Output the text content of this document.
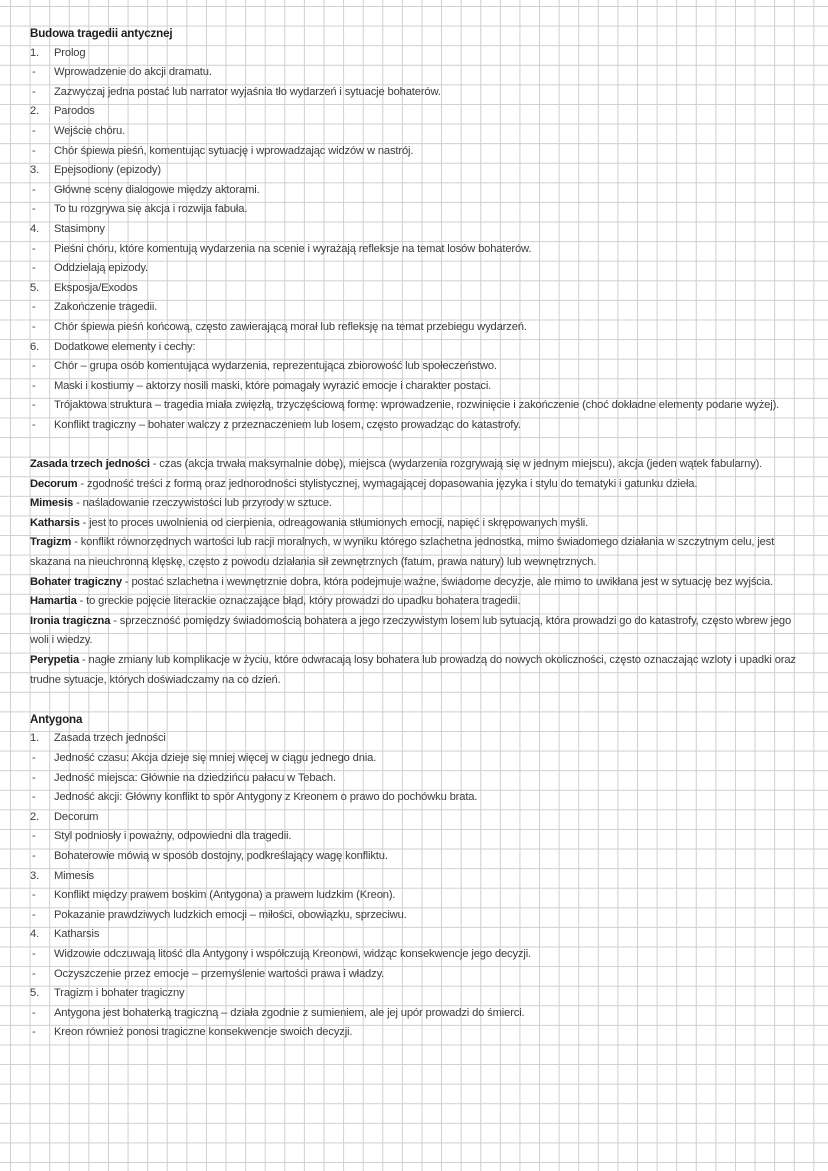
Budowa tragedii antycznej
1.	Prolog
-	Wprowadzenie do akcji dramatu.
-	Zazwyczaj jedna postać lub narrator wyjaśnia tło wydarzeń i sytuacje bohaterów.
2.	Parodos
-	Wejście chóru.
-	Chór śpiewa pieśń, komentując sytuację i wprowadzając widzów w nastrój.
3.	Epejsodiony (epizody)
-	Główne sceny dialogowe między aktorami.
-	To tu rozgrywa się akcja i rozwija fabuła.
4.	Stasimony
-	Pieśni chóru, które komentują wydarzenia na scenie i wyrażają refleksje na temat losów bohaterów.
-	Oddzielają epizody.
5.	Eksposja/Exodos
-	Zakończenie tragedii.
-	Chór śpiewa pieśń końcową, często zawierającą morał lub refleksję na temat przebiegu wydarzeń.
6.	Dodatkowe elementy i cechy:
-	Chór – grupa osób komentująca wydarzenia, reprezentująca zbiorowość lub społeczeństwo.
-	Maski i kostiumy – aktorzy nosili maski, które pomagały wyrazić emocje i charakter postaci.
-	Trójaktowa struktura – tragedia miała zwięzłą, trzyczęściową formę: wprowadzenie, rozwinięcie i zakończenie (choć dokładne elementy podane wyżej).
-	Konflikt tragiczny – bohater walczy z przeznaczeniem lub losem, często prowadząc do katastrofy.
Zasada trzech jedności - czas (akcja trwała maksymalnie dobę), miejsca (wydarzenia rozgrywają się w jednym miejscu), akcja (jeden wątek fabularny).
Decorum - zgodność treści z formą oraz jednorodności stylistycznej, wymagającej dopasowania języka i stylu do tematyki i gatunku dzieła.
Mimesis - naśladowanie rzeczywistości lub przyrody w sztuce.
Katharsis - jest to proces uwolnienia od cierpienia, odreagowania stłumionych emocji, napięć i skrępowanych myśli.
Tragizm - konflikt równorzędnych wartości lub racji moralnych, w wyniku którego szlachetna jednostka, mimo świadomego działania w szczytnym celu, jest skazana na nieuchronną klęskę, często z powodu działania sił zewnętrznych (fatum, prawa natury) lub wewnętrznych.
Bohater tragiczny - postać szlachetna i wewnętrznie dobra, która podejmuje ważne, świadome decyzje, ale mimo to uwikłana jest w sytuację bez wyjścia.
Hamartia - to greckie pojęcie literackie oznaczające błąd, który prowadzi do upadku bohatera tragedii.
Ironia tragiczna - sprzeczność pomiędzy świadomością bohatera a jego rzeczywistym losem lub sytuacją, która prowadzi go do katastrofy, często wbrew jego woli i wiedzy.
Perypetia - nagłe zmiany lub komplikacje w życiu, które odwracają losy bohatera lub prowadzą do nowych okoliczności, często oznaczając wzloty i upadki oraz trudne sytuacje, których doświadczamy na co dzień.
Antygona
1.	Zasada trzech jedności
-	Jedność czasu: Akcja dzieje się mniej więcej w ciągu jednego dnia.
-	Jedność miejsca: Głównie na dziedzińcu pałacu w Tebach.
-	Jedność akcji: Główny konflikt to spór Antygony z Kreonem o prawo do pochówku brata.
2.	Decorum
-	Styl podniosły i poważny, odpowiedni dla tragedii.
-	Bohaterowie mówią w sposób dostojny, podkreślający wagę konfliktu.
3.	Mimesis
-	Konflikt między prawem boskim (Antygona) a prawem ludzkim (Kreon).
-	Pokazanie prawdziwych ludzkich emocji – miłości, obowiązku, sprzeciwu.
4.	Katharsis
-	Widzowie odczuwają litość dla Antygony i współczują Kreonowi, widząc konsekwencje jego decyzji.
-	Oczyszczenie przez emocje – przemyślenie wartości prawa i władzy.
5.	Tragizm i bohater tragiczny
-	Antygona jest bohaterką tragiczną – działa zgodnie z sumieniem, ale jej upór prowadzi do śmierci.
-	Kreon również ponosi tragiczne konsekwencje swoich decyzji.
